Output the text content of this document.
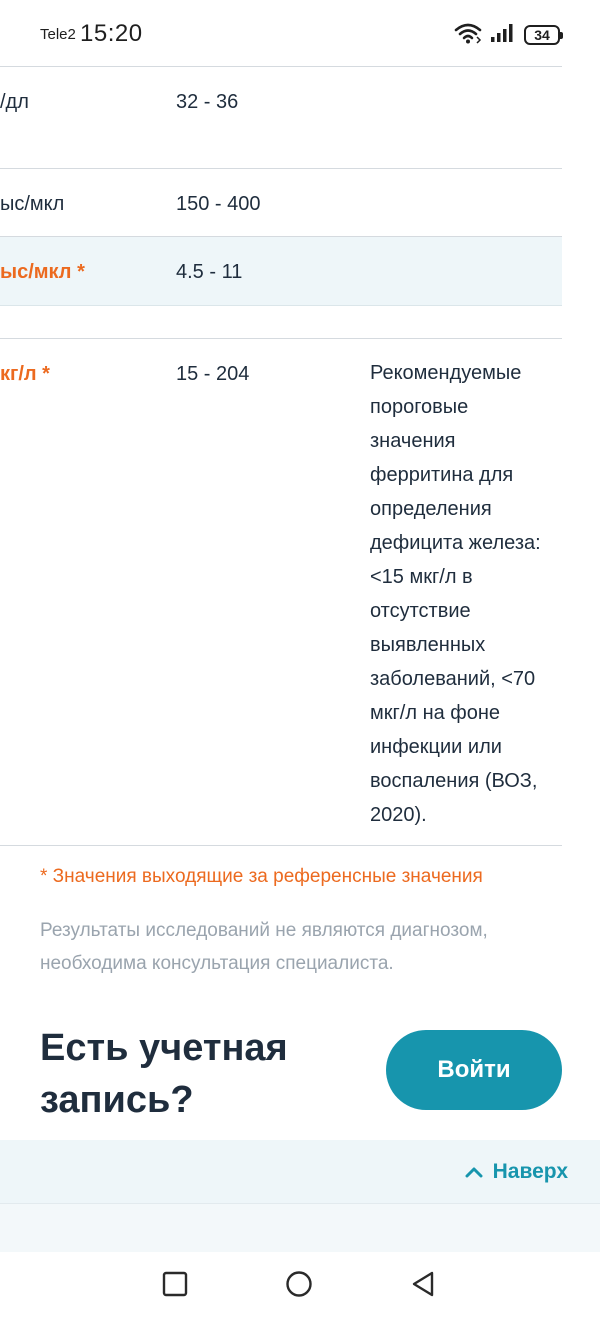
Tele2 15:20	34
/дл	32 - 36
ыс/мкл	150 - 400
ыс/мкл *	4.5 - 11
кг/л *	15 - 204	Рекомендуемые
пороговые
значения
ферритина для
определения
дефицита железа:
<15 мкг/л в
отсутствие
выявленных
заболеваний, <70
мкг/л на фоне
инфекции или
воспаления (ВОЗ,
2020).
* Значения выходящие за референсные значения
Результаты исследований не являются диагнозом, необходима консультация специалиста.
Есть учетная запись?
Войти
Наверх
